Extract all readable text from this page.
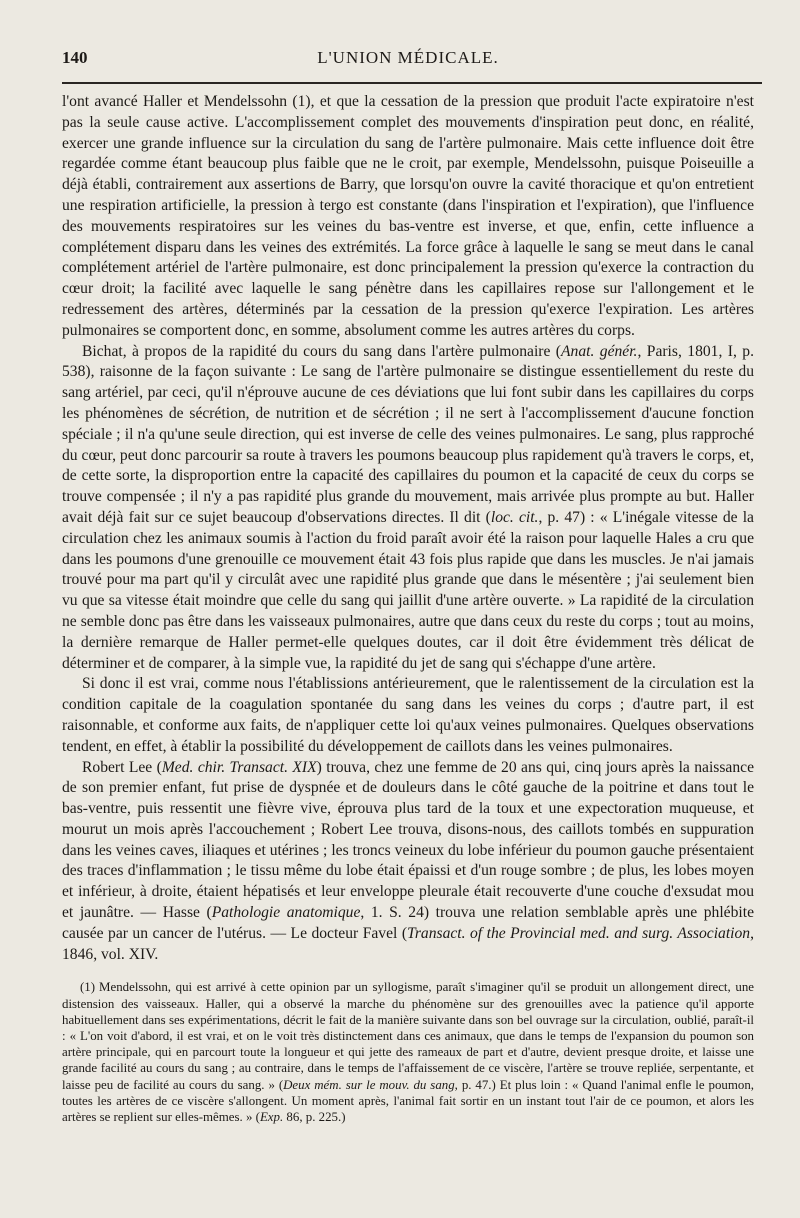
140	L'UNION MÉDICALE.

l'ont avancé Haller et Mendelssohn (1), et que la cessation de la pression que produit l'acte expiratoire n'est pas la seule cause active. L'accomplissement complet des mouvements d'inspiration peut donc, en réalité, exercer une grande influence sur la circulation du sang de l'artère pulmonaire. Mais cette influence doit être regardée comme étant beaucoup plus faible que ne le croit, par exemple, Mendelssohn, puisque Poiseuille a déjà établi, contrairement aux assertions de Barry, que lorsqu'on ouvre la cavité thoracique et qu'on entretient une respiration artificielle, la pression à tergo est constante (dans l'inspiration et l'expiration), que l'influence des mouvements respiratoires sur les veines du bas-ventre est inverse, et que, enfin, cette influence a complétement disparu dans les veines des extrémités. La force grâce à laquelle le sang se meut dans le canal complétement artériel de l'artère pulmonaire, est donc principalement la pression qu'exerce la contraction du cœur droit; la facilité avec laquelle le sang pénètre dans les capillaires repose sur l'allongement et le redressement des artères, déterminés par la cessation de la pression qu'exerce l'expiration. Les artères pulmonaires se comportent donc, en somme, absolument comme les autres artères du corps.

Bichat, à propos de la rapidité du cours du sang dans l'artère pulmonaire (Anat. génér., Paris, 1801, I, p. 538), raisonne de la façon suivante : Le sang de l'artère pulmonaire se distingue essentiellement du reste du sang artériel, par ceci, qu'il n'éprouve aucune de ces déviations que lui font subir dans les capillaires du corps les phénomènes de sécrétion, de nutrition et de sécrétion ; il ne sert à l'accomplissement d'aucune fonction spéciale ; il n'a qu'une seule direction, qui est inverse de celle des veines pulmonaires. Le sang, plus rapproché du cœur, peut donc parcourir sa route à travers les poumons beaucoup plus rapidement qu'à travers le corps, et, de cette sorte, la disproportion entre la capacité des capillaires du poumon et la capacité de ceux du corps se trouve compensée ; il n'y a pas rapidité plus grande du mouvement, mais arrivée plus prompte au but. Haller avait déjà fait sur ce sujet beaucoup d'observations directes. Il dit (loc. cit., p. 47) : « L'inégale vitesse de la circulation chez les animaux soumis à l'action du froid paraît avoir été la raison pour laquelle Hales a cru que dans les poumons d'une grenouille ce mouvement était 43 fois plus rapide que dans les muscles. Je n'ai jamais trouvé pour ma part qu'il y circulât avec une rapidité plus grande que dans le mésentère ; j'ai seulement bien vu que sa vitesse était moindre que celle du sang qui jaillit d'une artère ouverte. » La rapidité de la circulation ne semble donc pas être dans les vaisseaux pulmonaires, autre que dans ceux du reste du corps ; tout au moins, la dernière remarque de Haller permet-elle quelques doutes, car il doit être évidemment très délicat de déterminer et de comparer, à la simple vue, la rapidité du jet de sang qui s'échappe d'une artère.

Si donc il est vrai, comme nous l'établissions antérieurement, que le ralentissement de la circulation est la condition capitale de la coagulation spontanée du sang dans les veines du corps ; d'autre part, il est raisonnable, et conforme aux faits, de n'appliquer cette loi qu'aux veines pulmonaires. Quelques observations tendent, en effet, à établir la possibilité du développement de caillots dans les veines pulmonaires.

Robert Lee (Med. chir. Transact. XIX) trouva, chez une femme de 20 ans qui, cinq jours après la naissance de son premier enfant, fut prise de dyspnée et de douleurs dans le côté gauche de la poitrine et dans tout le bas-ventre, puis ressentit une fièvre vive, éprouva plus tard de la toux et une expectoration muqueuse, et mourut un mois après l'accouchement ; Robert Lee trouva, disons-nous, des caillots tombés en suppuration dans les veines caves, iliaques et utérines ; les troncs veineux du lobe inférieur du poumon gauche présentaient des traces d'inflammation ; le tissu même du lobe était épaissi et d'un rouge sombre ; de plus, les lobes moyen et inférieur, à droite, étaient hépatisés et leur enveloppe pleurale était recouverte d'une couche d'exsudat mou et jaunâtre. — Hasse (Pathologie anatomique, 1. S. 24) trouva une relation semblable après une phlébite causée par un cancer de l'utérus. — Le docteur Favel (Transact. of the Provincial med. and surg. Association, 1846, vol. XIV.

(1) Mendelssohn, qui est arrivé à cette opinion par un syllogisme, paraît s'imaginer qu'il se produit un allongement direct, une distension des vaisseaux. Haller, qui a observé la marche du phénomène sur des grenouilles avec la patience qu'il apporte habituellement dans ses expérimentations, décrit le fait de la manière suivante dans son bel ouvrage sur la circulation, oublié, paraît-il : « L'on voit d'abord, il est vrai, et on le voit très distinctement dans ces animaux, que dans le temps de l'expansion du poumon son artère principale, qui en parcourt toute la longueur et qui jette des rameaux de part et d'autre, devient presque droite, et laisse une grande facilité au cours du sang ; au contraire, dans le temps de l'affaissement de ce viscère, l'artère se trouve repliée, serpentante, et laisse peu de facilité au cours du sang. » (Deux mém. sur le mouv. du sang, p. 47.) Et plus loin : « Quand l'animal enfle le poumon, toutes les artères de ce viscère s'allongent. Un moment après, l'animal fait sortir en un instant tout l'air de ce poumon, et alors les artères se replient sur elles-mêmes. » (Exp. 86, p. 225.)
